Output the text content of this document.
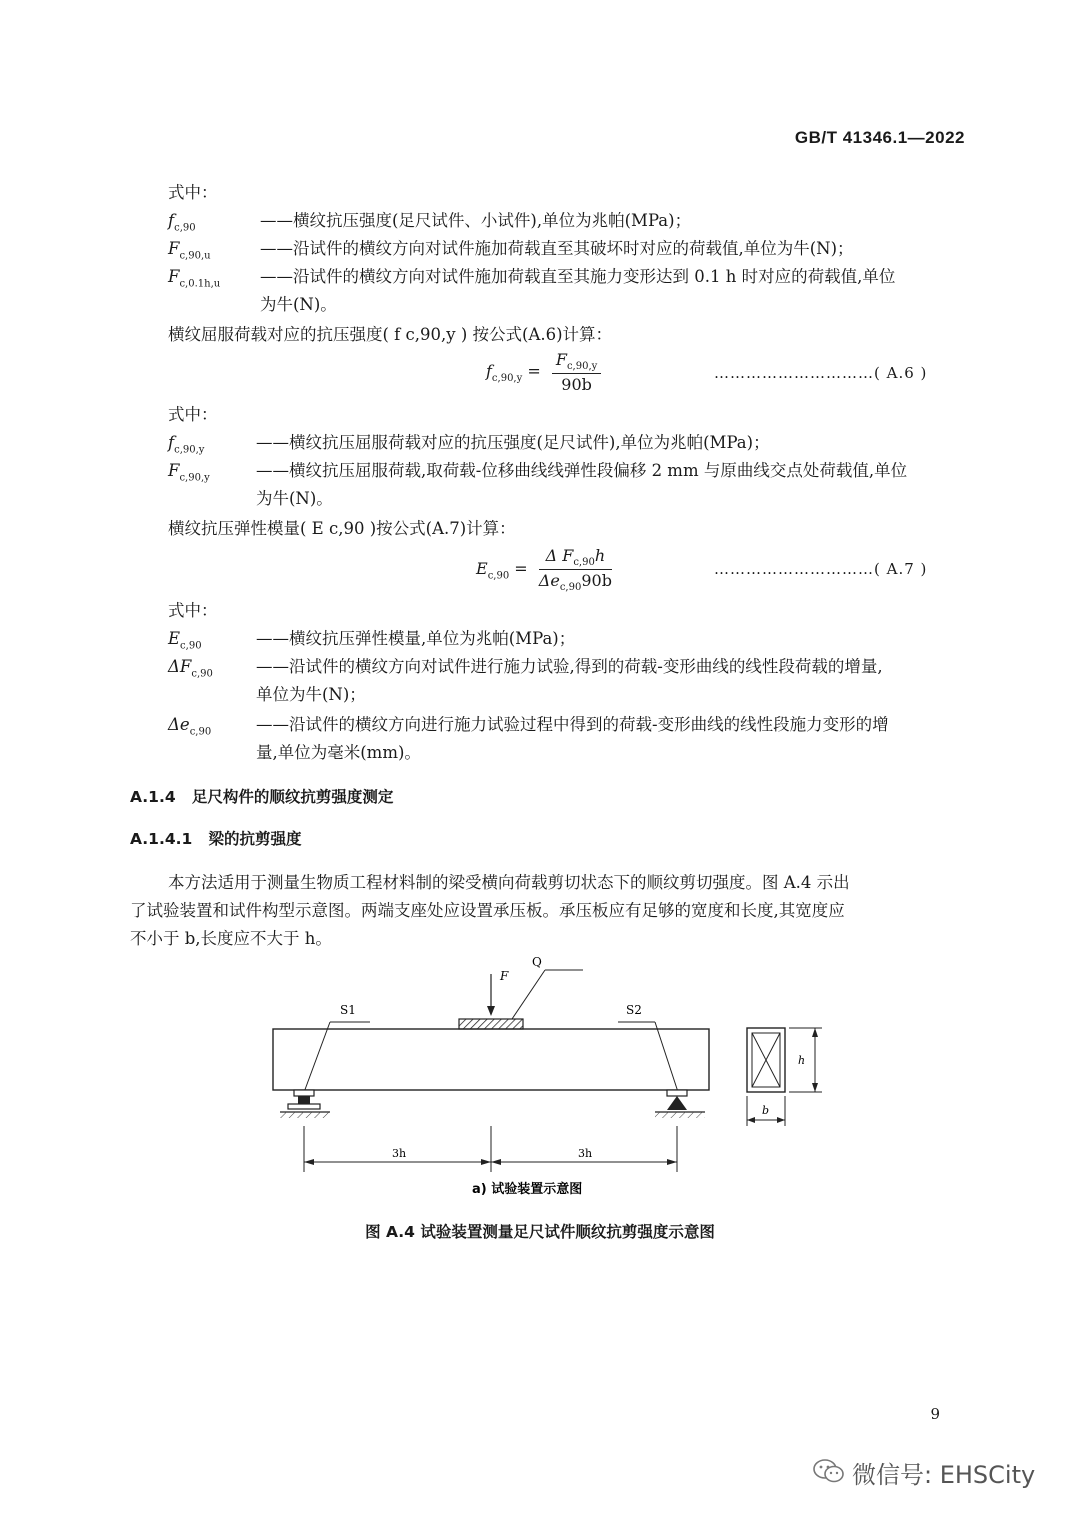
GB/T 41346.1—2022
式中：
$f_{c,90}$	——横纹抗压强度(足尺试件、小试件),单位为兆帕(MPa)；
$F_{c,90,u}$	——沿试件的横纹方向对试件施加荷载直至其破坏时对应的荷载值,单位为牛(N)；
$F_{c,0.1h,u}$ ——沿试件的横纹方向对试件施加荷载直至其施力变形达到 0.1 h 时对应的荷载值,单位
为牛(N)。
横纹屈服荷载对应的抗压强度( f c,90,y ) 按公式(A.6)计算：
$f_{c,90,y} = \frac{F_{c,90,y}}{90b}$	…………………………( A.6 )
式中：
$f_{c,90,y}$	——横纹抗压屈服荷载对应的抗压强度(足尺试件),单位为兆帕(MPa)；
$F_{c,90,y}$	——横纹抗压屈服荷载,取荷载-位移曲线线弹性段偏移 2 mm 与原曲线交点处荷载值,单位
为牛(N)。
横纹抗压弹性模量( E c,90 )按公式(A.7)计算：
$E_{c,90} = \frac{\Delta F_{c,90}h}{\Delta e_{c,90}90b}$	…………………………( A.7 )
式中：
$E_{c,90}$	——横纹抗压弹性模量,单位为兆帕(MPa)；
$\Delta F_{c,90}$	——沿试件的横纹方向对试件进行施力试验,得到的荷载-变形曲线的线性段荷载的增量,
单位为牛(N)；
$\Delta e_{c,90}$	——沿试件的横纹方向进行施力试验过程中得到的荷载-变形曲线的线性段施力变形的增
量,单位为毫米(mm)。
A.1.4 足尺构件的顺纹抗剪强度测定
A.1.4.1 梁的抗剪强度
本方法适用于测量生物质工程材料制的梁受横向荷载剪切状态下的顺纹剪切强度。图 A.4 示出
了试验装置和试件构型示意图。两端支座处应设置承压板。承压板应有足够的宽度和长度,其宽度应
不小于 b,长度应不大于 h。
F
Q
S1	S2
3h	3h
h
b
a) 试验装置示意图
图 A.4 试验装置测量足尺试件顺纹抗剪强度示意图
9
微信号: EHSCity
